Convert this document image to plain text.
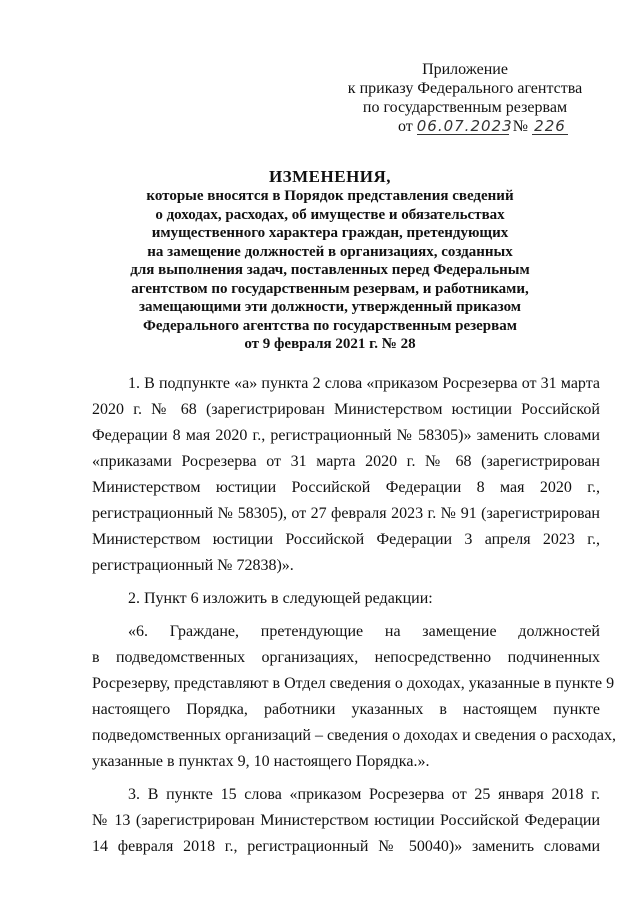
Приложение
к приказу Федерального агентства
по государственным резервам
от 06.07.2023 № 226
ИЗМЕНЕНИЯ,
которые вносятся в Порядок представления сведений
о доходах, расходах, об имуществе и обязательствах
имущественного характера граждан, претендующих
на замещение должностей в организациях, созданных
для выполнения задач, поставленных перед Федеральным
агентством по государственным резервам, и работниками,
замещающими эти должности, утвержденный приказом
Федерального агентства по государственным резервам
от 9 февраля 2021 г. № 28
1. В подпункте «а» пункта 2 слова «приказом Росрезерва от 31 марта
2020 г. № 68 (зарегистрирован Министерством юстиции Российской
Федерации 8 мая 2020 г., регистрационный № 58305)» заменить словами
«приказами Росрезерва от 31 марта 2020 г. № 68 (зарегистрирован
Министерством юстиции Российской Федерации 8 мая 2020 г.,
регистрационный № 58305), от 27 февраля 2023 г. № 91 (зарегистрирован
Министерством юстиции Российской Федерации 3 апреля 2023 г.,
регистрационный № 72838)».
2. Пункт 6 изложить в следующей редакции:
«6. Граждане, претендующие на замещение должностей
в подведомственных организациях, непосредственно подчиненных
Росрезерву, представляют в Отдел сведения о доходах, указанные в пункте 9
настоящего Порядка, работники указанных в настоящем пункте
подведомственных организаций – сведения о доходах и сведения о расходах,
указанные в пунктах 9, 10 настоящего Порядка.».
3. В пункте 15 слова «приказом Росрезерва от 25 января 2018 г.
№ 13 (зарегистрирован Министерством юстиции Российской Федерации
14 февраля 2018 г., регистрационный № 50040)» заменить словами
